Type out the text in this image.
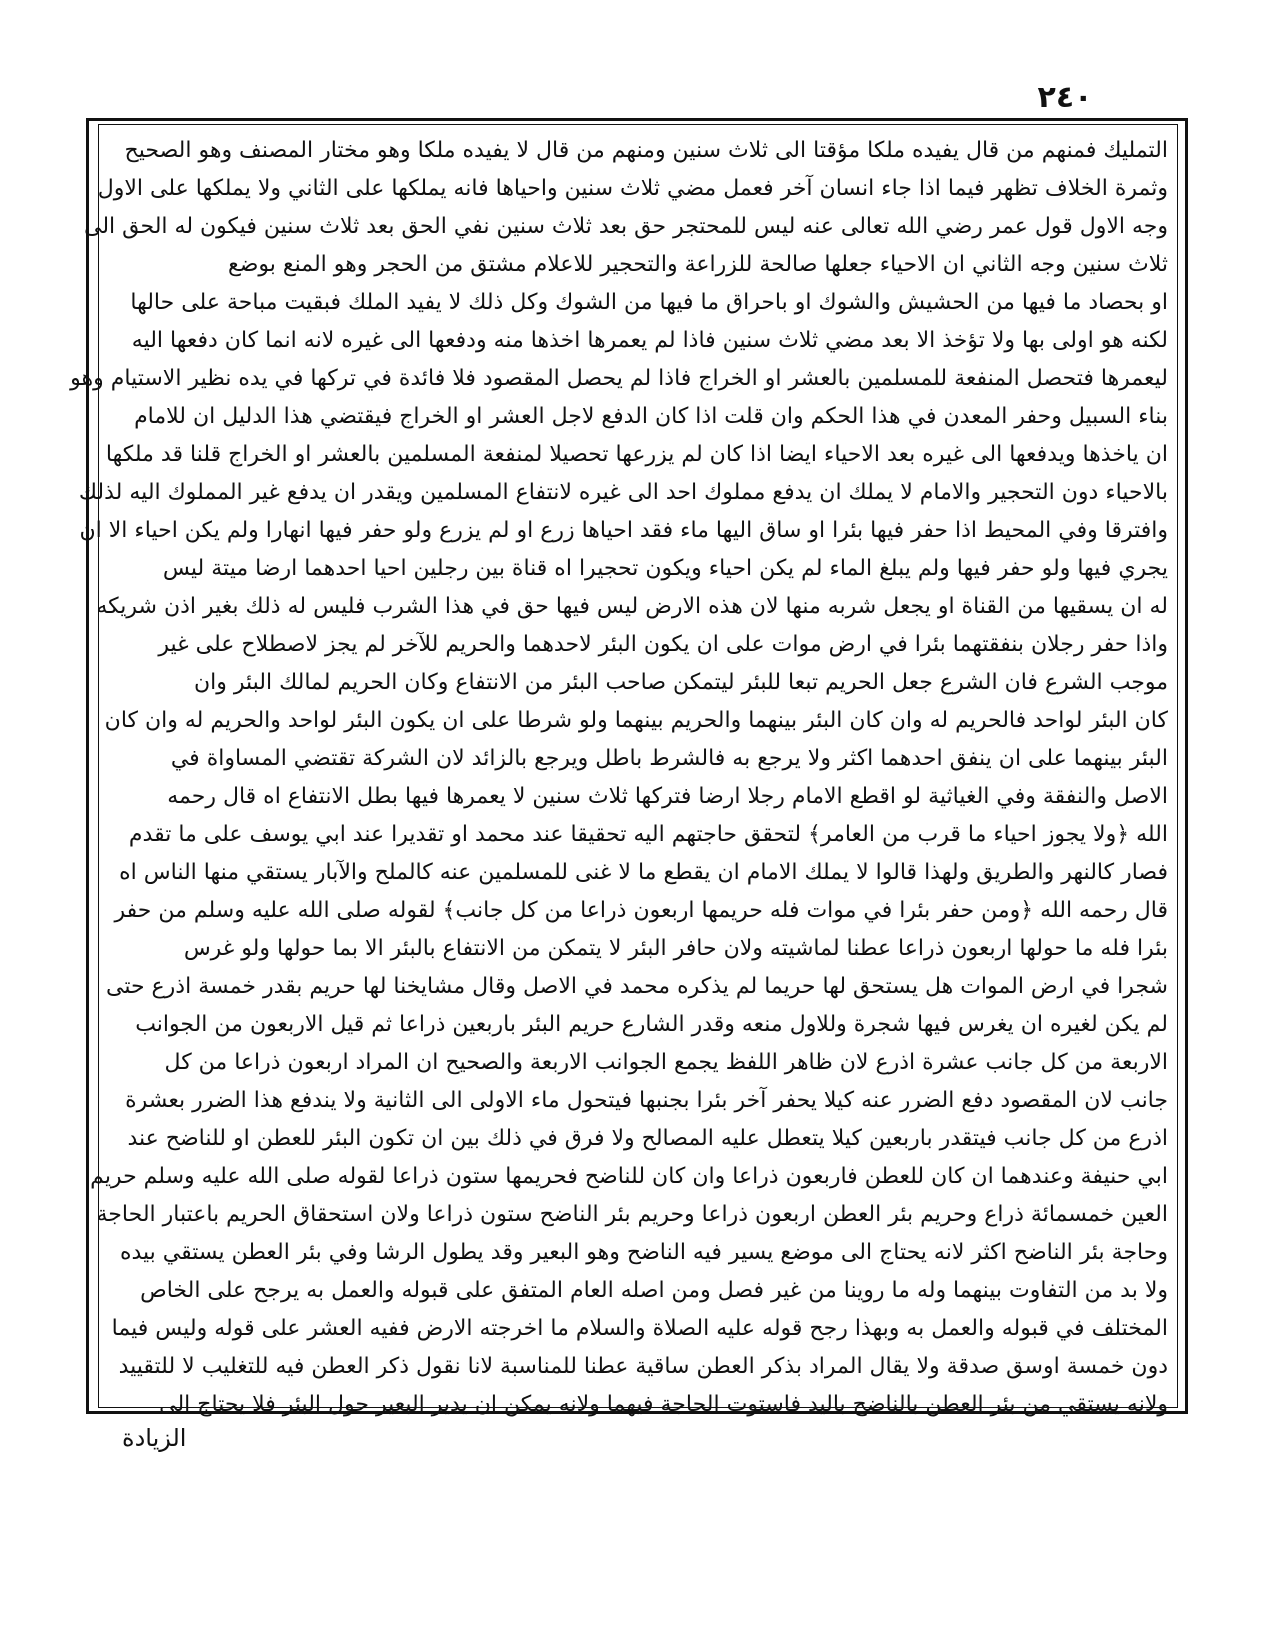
٢٤٠
التمليك فمنهم من قال يفيده ملكا مؤقتا الى ثلاث سنين ومنهم من قال لا يفيده ملكا وهو مختار المصنف وهو الصحيح
وثمرة الخلاف تظهر فيما اذا جاء انسان آخر فعمل مضي ثلاث سنين واحياها فانه يملكها على الثاني ولا يملكها على الاول
وجه الاول قول عمر رضي الله تعالى عنه ليس للمحتجر حق بعد ثلاث سنين نفي الحق بعد ثلاث سنين فيكون له الحق الى
ثلاث سنين وجه الثاني ان الاحياء جعلها صالحة للزراعة والتحجير للاعلام مشتق من الحجر وهو المنع بوضع
او بحصاد ما فيها من الحشيش والشوك او باحراق ما فيها من الشوك وكل ذلك لا يفيد الملك فبقيت مباحة على حالها
لكنه هو اولى بها ولا تؤخذ الا بعد مضي ثلاث سنين فاذا لم يعمرها اخذها منه ودفعها الى غيره لانه انما كان دفعها اليه
ليعمرها فتحصل المنفعة للمسلمين بالعشر او الخراج فاذا لم يحصل المقصود فلا فائدة في تركها في يده نظير الاستيام وهو
بناء السبيل وحفر المعدن في هذا الحكم وان قلت اذا كان الدفع لاجل العشر او الخراج فيقتضي هذا الدليل ان للامام
ان ياخذها ويدفعها الى غيره بعد الاحياء ايضا اذا كان لم يزرعها تحصيلا لمنفعة المسلمين بالعشر او الخراج قلنا قد ملكها
بالاحياء دون التحجير والامام لا يملك ان يدفع مملوك احد الى غيره لانتفاع المسلمين ويقدر ان يدفع غير المملوك اليه لذلك
وافترقا وفي المحيط اذا حفر فيها بئرا او ساق اليها ماء فقد احياها زرع او لم يزرع ولو حفر فيها انهارا ولم يكن احياء الا ان
يجري فيها ولو حفر فيها ولم يبلغ الماء لم يكن احياء ويكون تحجيرا اه قناة بين رجلين احيا احدهما ارضا ميتة ليس
له ان يسقيها من القناة او يجعل شربه منها لان هذه الارض ليس فيها حق في هذا الشرب فليس له ذلك بغير اذن شريكه
واذا حفر رجلان بنفقتهما بئرا في ارض موات على ان يكون البئر لاحدهما والحريم للآخر لم يجز لاصطلاح على غير
موجب الشرع فان الشرع جعل الحريم تبعا للبئر ليتمكن صاحب البئر من الانتفاع وكان الحريم لمالك البئر وان
كان البئر لواحد فالحريم له وان كان البئر بينهما والحريم بينهما ولو شرطا على ان يكون البئر لواحد والحريم له وان كان
البئر بينهما على ان ينفق احدهما اكثر ولا يرجع به فالشرط باطل ويرجع بالزائد لان الشركة تقتضي المساواة في
الاصل والنفقة وفي الغياثية لو اقطع الامام رجلا ارضا فتركها ثلاث سنين لا يعمرها فيها بطل الانتفاع اه قال رحمه
الله ﴿ولا يجوز احياء ما قرب من العامر﴾ لتحقق حاجتهم اليه تحقيقا عند محمد او تقديرا عند ابي يوسف على ما تقدم
فصار كالنهر والطريق ولهذا قالوا لا يملك الامام ان يقطع ما لا غنى للمسلمين عنه كالملح والآبار يستقي منها الناس اه
قال رحمه الله ﴿ومن حفر بئرا في موات فله حريمها اربعون ذراعا من كل جانب﴾ لقوله صلى الله عليه وسلم من حفر
بئرا فله ما حولها اربعون ذراعا عطنا لماشيته ولان حافر البئر لا يتمكن من الانتفاع بالبئر الا بما حولها ولو غرس
شجرا في ارض الموات هل يستحق لها حريما لم يذكره محمد في الاصل وقال مشايخنا لها حريم بقدر خمسة اذرع حتى
لم يكن لغيره ان يغرس فيها شجرة وللاول منعه وقدر الشارع حريم البئر باربعين ذراعا ثم قيل الاربعون من الجوانب
الاربعة من كل جانب عشرة اذرع لان ظاهر اللفظ يجمع الجوانب الاربعة والصحيح ان المراد اربعون ذراعا من كل
جانب لان المقصود دفع الضرر عنه كيلا يحفر آخر بئرا بجنبها فيتحول ماء الاولى الى الثانية ولا يندفع هذا الضرر بعشرة
اذرع من كل جانب فيتقدر باربعين كيلا يتعطل عليه المصالح ولا فرق في ذلك بين ان تكون البئر للعطن او للناضح عند
ابي حنيفة وعندهما ان كان للعطن فاربعون ذراعا وان كان للناضح فحريمها ستون ذراعا لقوله صلى الله عليه وسلم حريم
العين خمسمائة ذراع وحريم بئر العطن اربعون ذراعا وحريم بئر الناضح ستون ذراعا ولان استحقاق الحريم باعتبار الحاجة
وحاجة بئر الناضح اكثر لانه يحتاج الى موضع يسير فيه الناضح وهو البعير وقد يطول الرشا وفي بئر العطن يستقي بيده
ولا بد من التفاوت بينهما وله ما روينا من غير فصل ومن اصله العام المتفق على قبوله والعمل به يرجح على الخاص
المختلف في قبوله والعمل به وبهذا رجح قوله عليه الصلاة والسلام ما اخرجته الارض ففيه العشر على قوله وليس فيما
دون خمسة اوسق صدقة ولا يقال المراد بذكر العطن ساقية عطنا للمناسبة لانا نقول ذكر العطن فيه للتغليب لا للتقييد
ولانه يستقي من بئر العطن بالناضح باليد فاستوت الحاجة فيهما ولانه يمكن ان يدير البعير حول البئر فلا يحتاج الى
الزيادة
